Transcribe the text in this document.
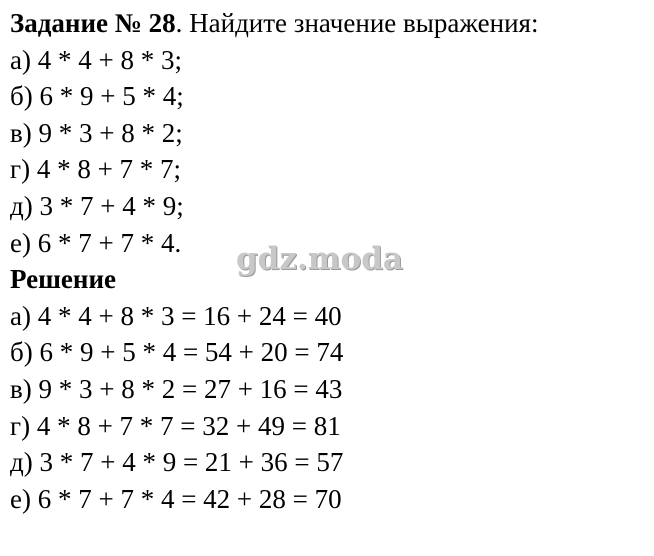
Задание № 28. Найдите значение выражения:
а) 4 * 4 + 8 * 3;
б) 6 * 9 + 5 * 4;
в) 9 * 3 + 8 * 2;
г) 4 * 8 + 7 * 7;
д) 3 * 7 + 4 * 9;
е) 6 * 7 + 7 * 4.
Решение
а) 4 * 4 + 8 * 3 = 16 + 24 = 40
б) 6 * 9 + 5 * 4 = 54 + 20 = 74
в) 9 * 3 + 8 * 2 = 27 + 16 = 43
г) 4 * 8 + 7 * 7 = 32 + 49 = 81
д) 3 * 7 + 4 * 9 = 21 + 36 = 57
е) 6 * 7 + 7 * 4 = 42 + 28 = 70
gdz.moda
